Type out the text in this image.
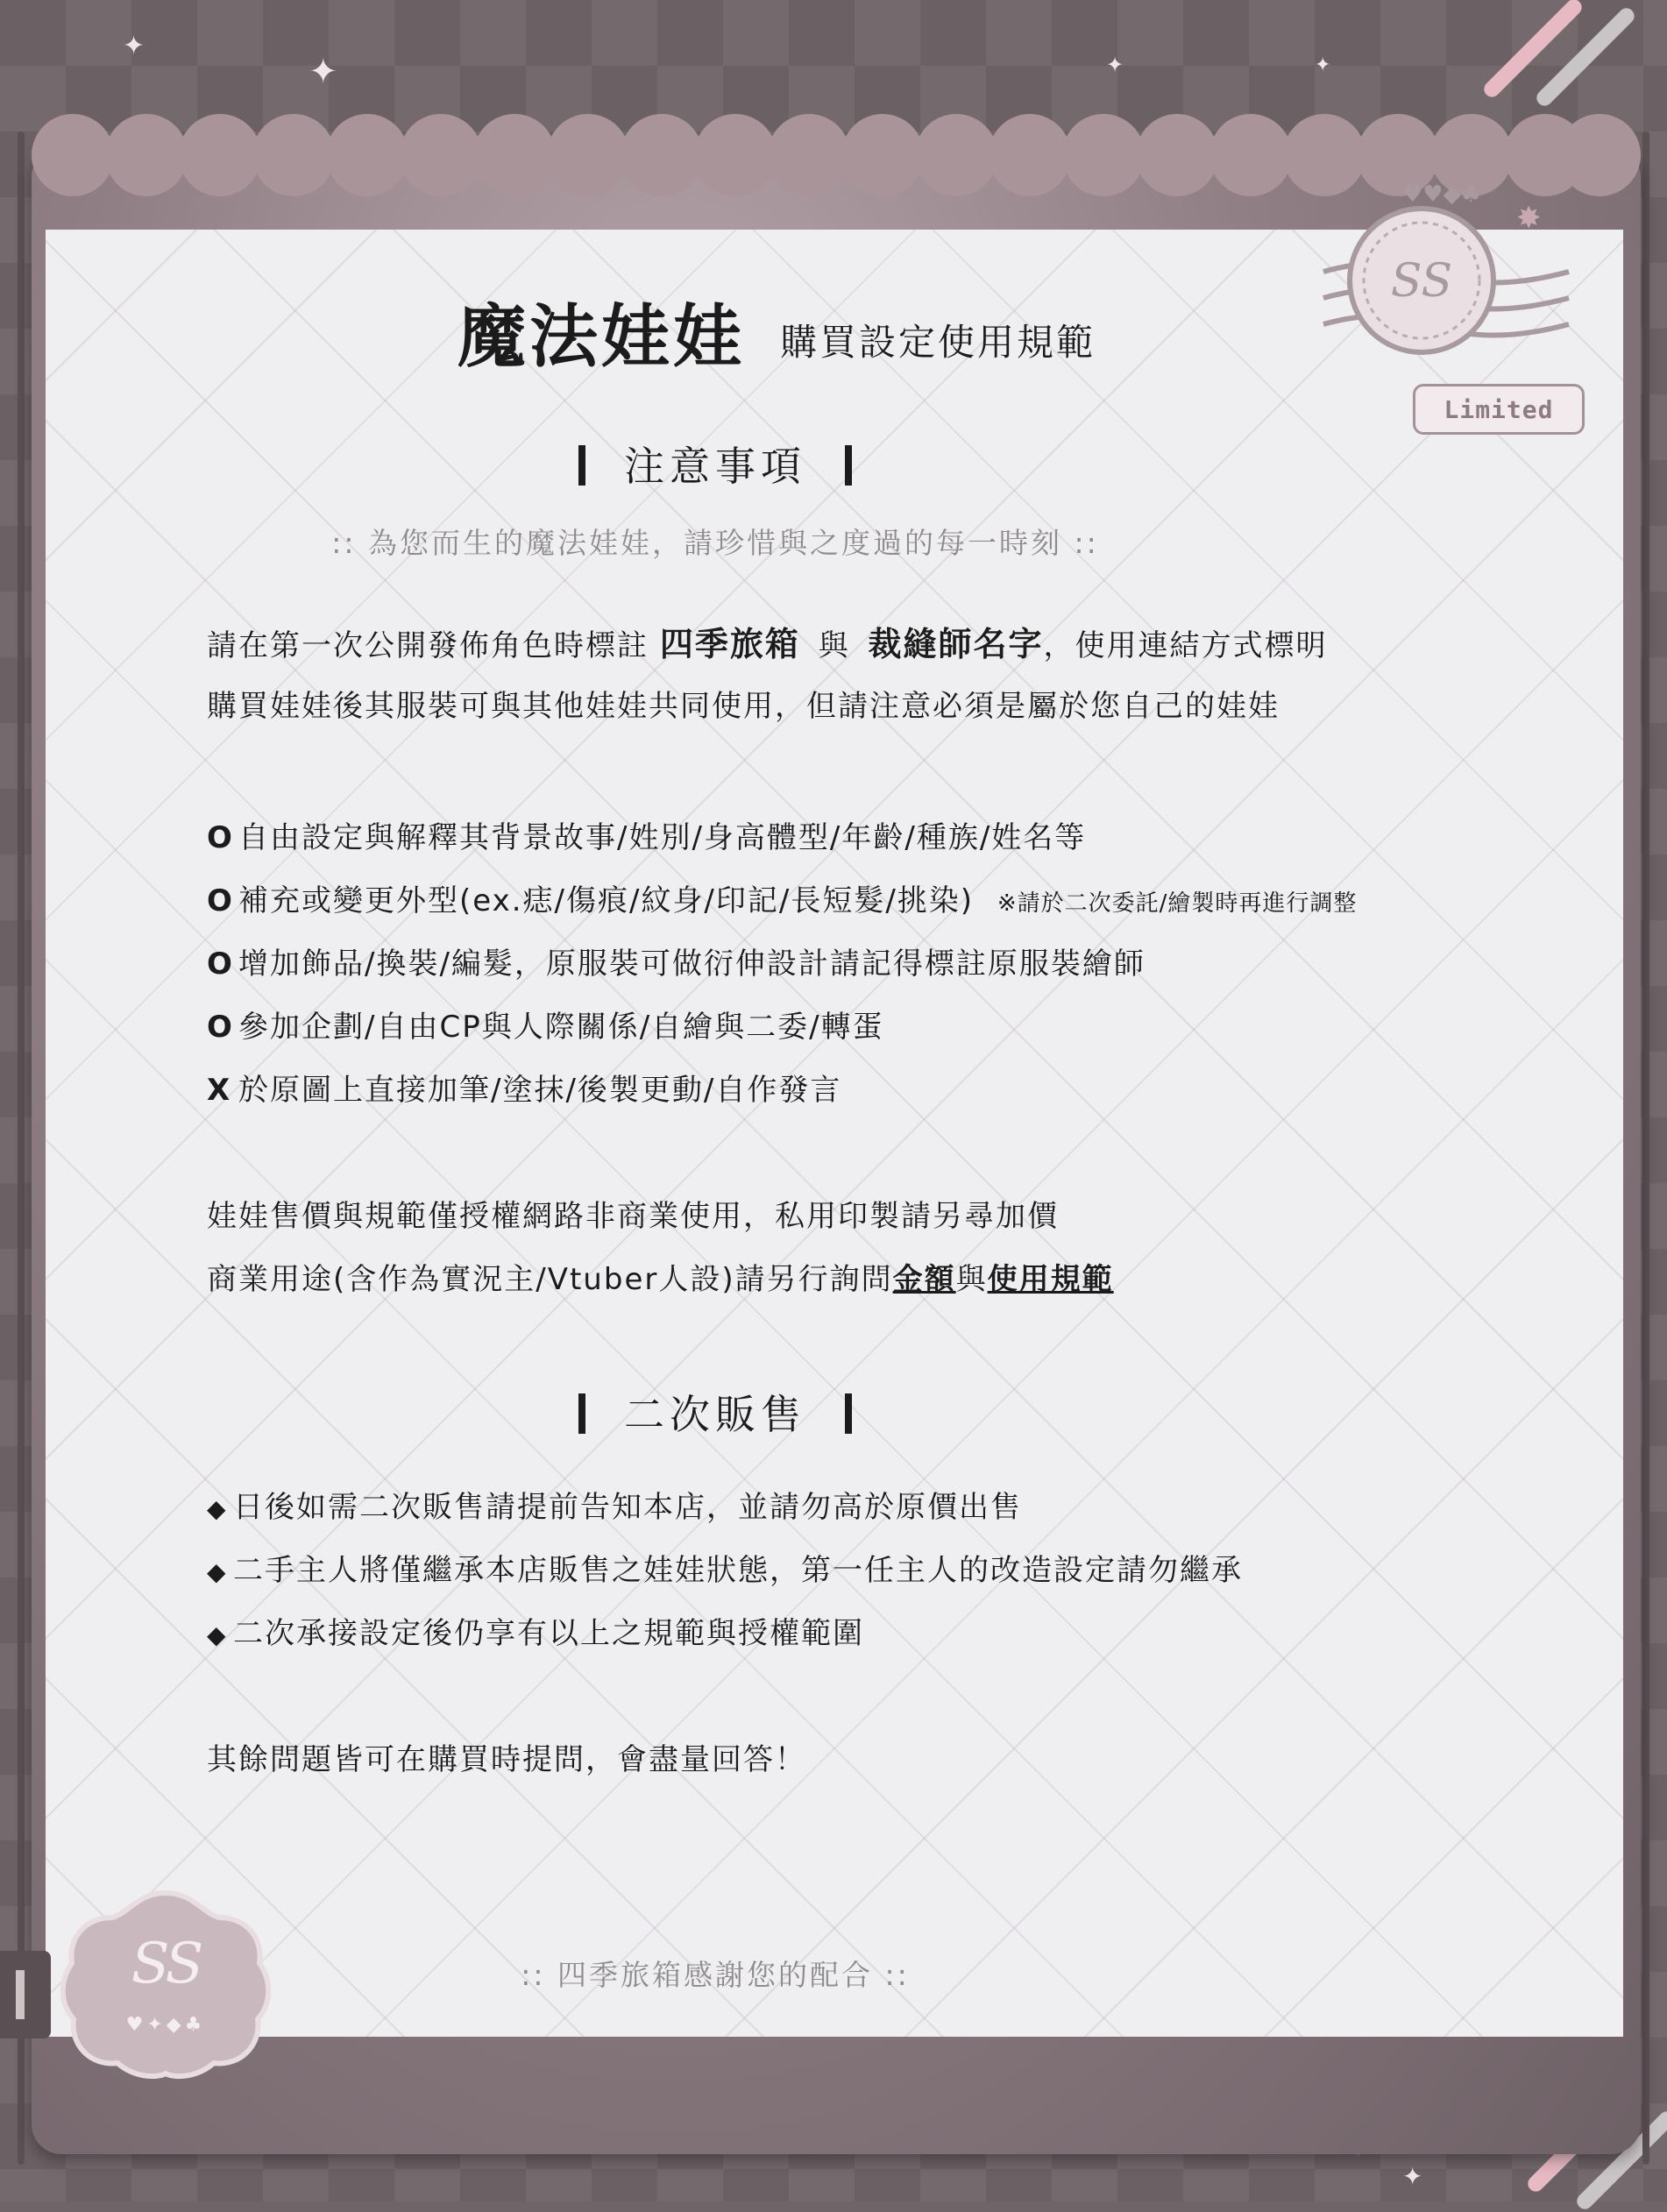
✦
✦	✦	✦
✦
SS
♥♥◆♣
✸
Limited
SS
♥✦◆♣
魔法娃娃 購買設定使用規範
注意事項
:: 為您而生的魔法娃娃，請珍惜與之度過的每一時刻 ::
請在第一次公開發佈角色時標註 四季旅箱 與 裁縫師名字，使用連結方式標明
購買娃娃後其服裝可與其他娃娃共同使用，但請注意必須是屬於您自己的娃娃
O 自由設定與解釋其背景故事/姓別/身高體型/年齡/種族/姓名等
O 補充或變更外型(ex.痣/傷痕/紋身/印記/長短髮/挑染) ※請於二次委託/繪製時再進行調整
O 增加飾品/換裝/編髮，原服裝可做衍伸設計請記得標註原服裝繪師
O 參加企劃/自由CP與人際關係/自繪與二委/轉蛋
X 於原圖上直接加筆/塗抹/後製更動/自作發言
娃娃售價與規範僅授權網路非商業使用，私用印製請另尋加價
商業用途(含作為實況主/Vtuber人設)請另行詢問金額與使用規範
二次販售
◆ 日後如需二次販售請提前告知本店，並請勿高於原價出售
◆ 二手主人將僅繼承本店販售之娃娃狀態，第一任主人的改造設定請勿繼承
◆ 二次承接設定後仍享有以上之規範與授權範圍
其餘問題皆可在購買時提問，會盡量回答！
:: 四季旅箱感謝您的配合 ::
